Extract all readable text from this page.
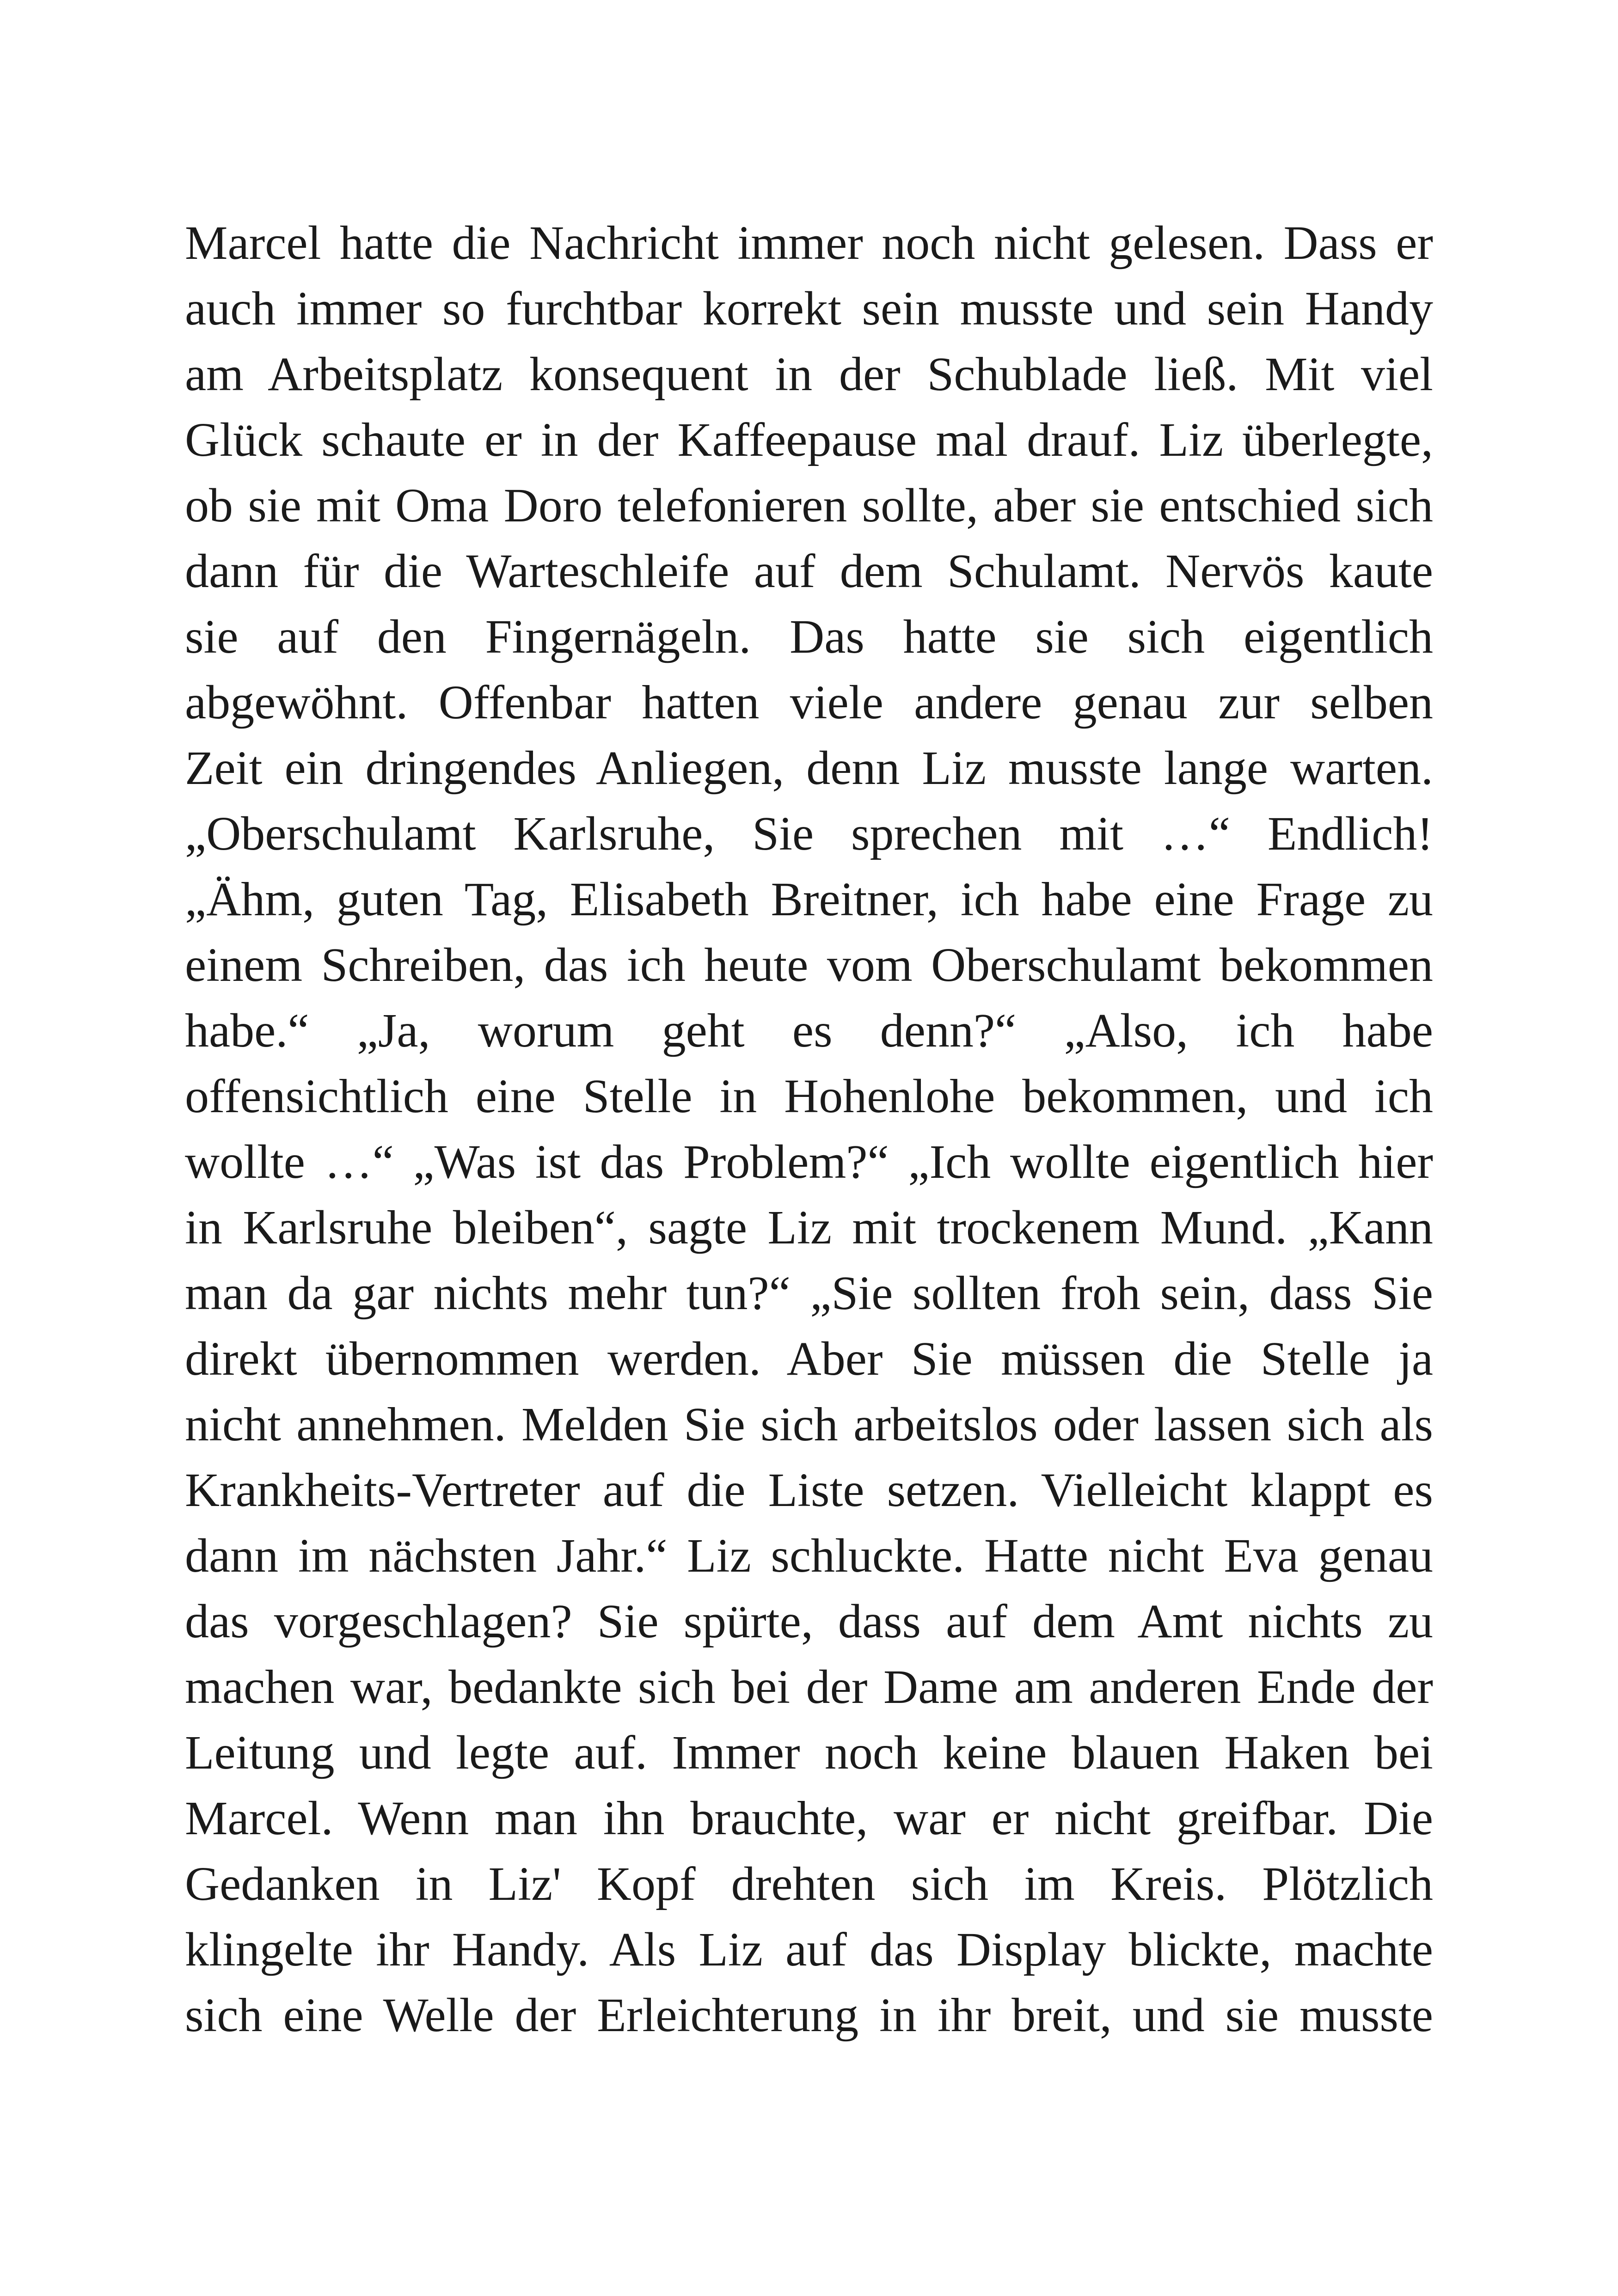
Marcel hatte die Nachricht immer noch nicht gelesen. Dass er
auch immer so furchtbar korrekt sein musste und sein Handy
am Arbeitsplatz konsequent in der Schublade ließ. Mit viel
Glück schaute er in der Kaffeepause mal drauf. Liz überlegte,
ob sie mit Oma Doro telefonieren sollte, aber sie entschied sich
dann für die Warteschleife auf dem Schulamt. Nervös kaute
sie auf den Fingernägeln. Das hatte sie sich eigentlich
abgewöhnt. Offenbar hatten viele andere genau zur selben
Zeit ein dringendes Anliegen, denn Liz musste lange warten.
„Oberschulamt Karlsruhe, Sie sprechen mit …“ Endlich!
„Ähm, guten Tag, Elisabeth Breitner, ich habe eine Frage zu
einem Schreiben, das ich heute vom Oberschulamt bekommen
habe.“ „Ja, worum geht es denn?“ „Also, ich habe
offensichtlich eine Stelle in Hohenlohe bekommen, und ich
wollte …“ „Was ist das Problem?“ „Ich wollte eigentlich hier
in Karlsruhe bleiben“, sagte Liz mit trockenem Mund. „Kann
man da gar nichts mehr tun?“ „Sie sollten froh sein, dass Sie
direkt übernommen werden. Aber Sie müssen die Stelle ja
nicht annehmen. Melden Sie sich arbeitslos oder lassen sich als
Krankheits-Vertreter auf die Liste setzen. Vielleicht klappt es
dann im nächsten Jahr.“ Liz schluckte. Hatte nicht Eva genau
das vorgeschlagen? Sie spürte, dass auf dem Amt nichts zu
machen war, bedankte sich bei der Dame am anderen Ende der
Leitung und legte auf. Immer noch keine blauen Haken bei
Marcel. Wenn man ihn brauchte, war er nicht greifbar. Die
Gedanken in Liz' Kopf drehten sich im Kreis. Plötzlich
klingelte ihr Handy. Als Liz auf das Display blickte, machte
sich eine Welle der Erleichterung in ihr breit, und sie musste
